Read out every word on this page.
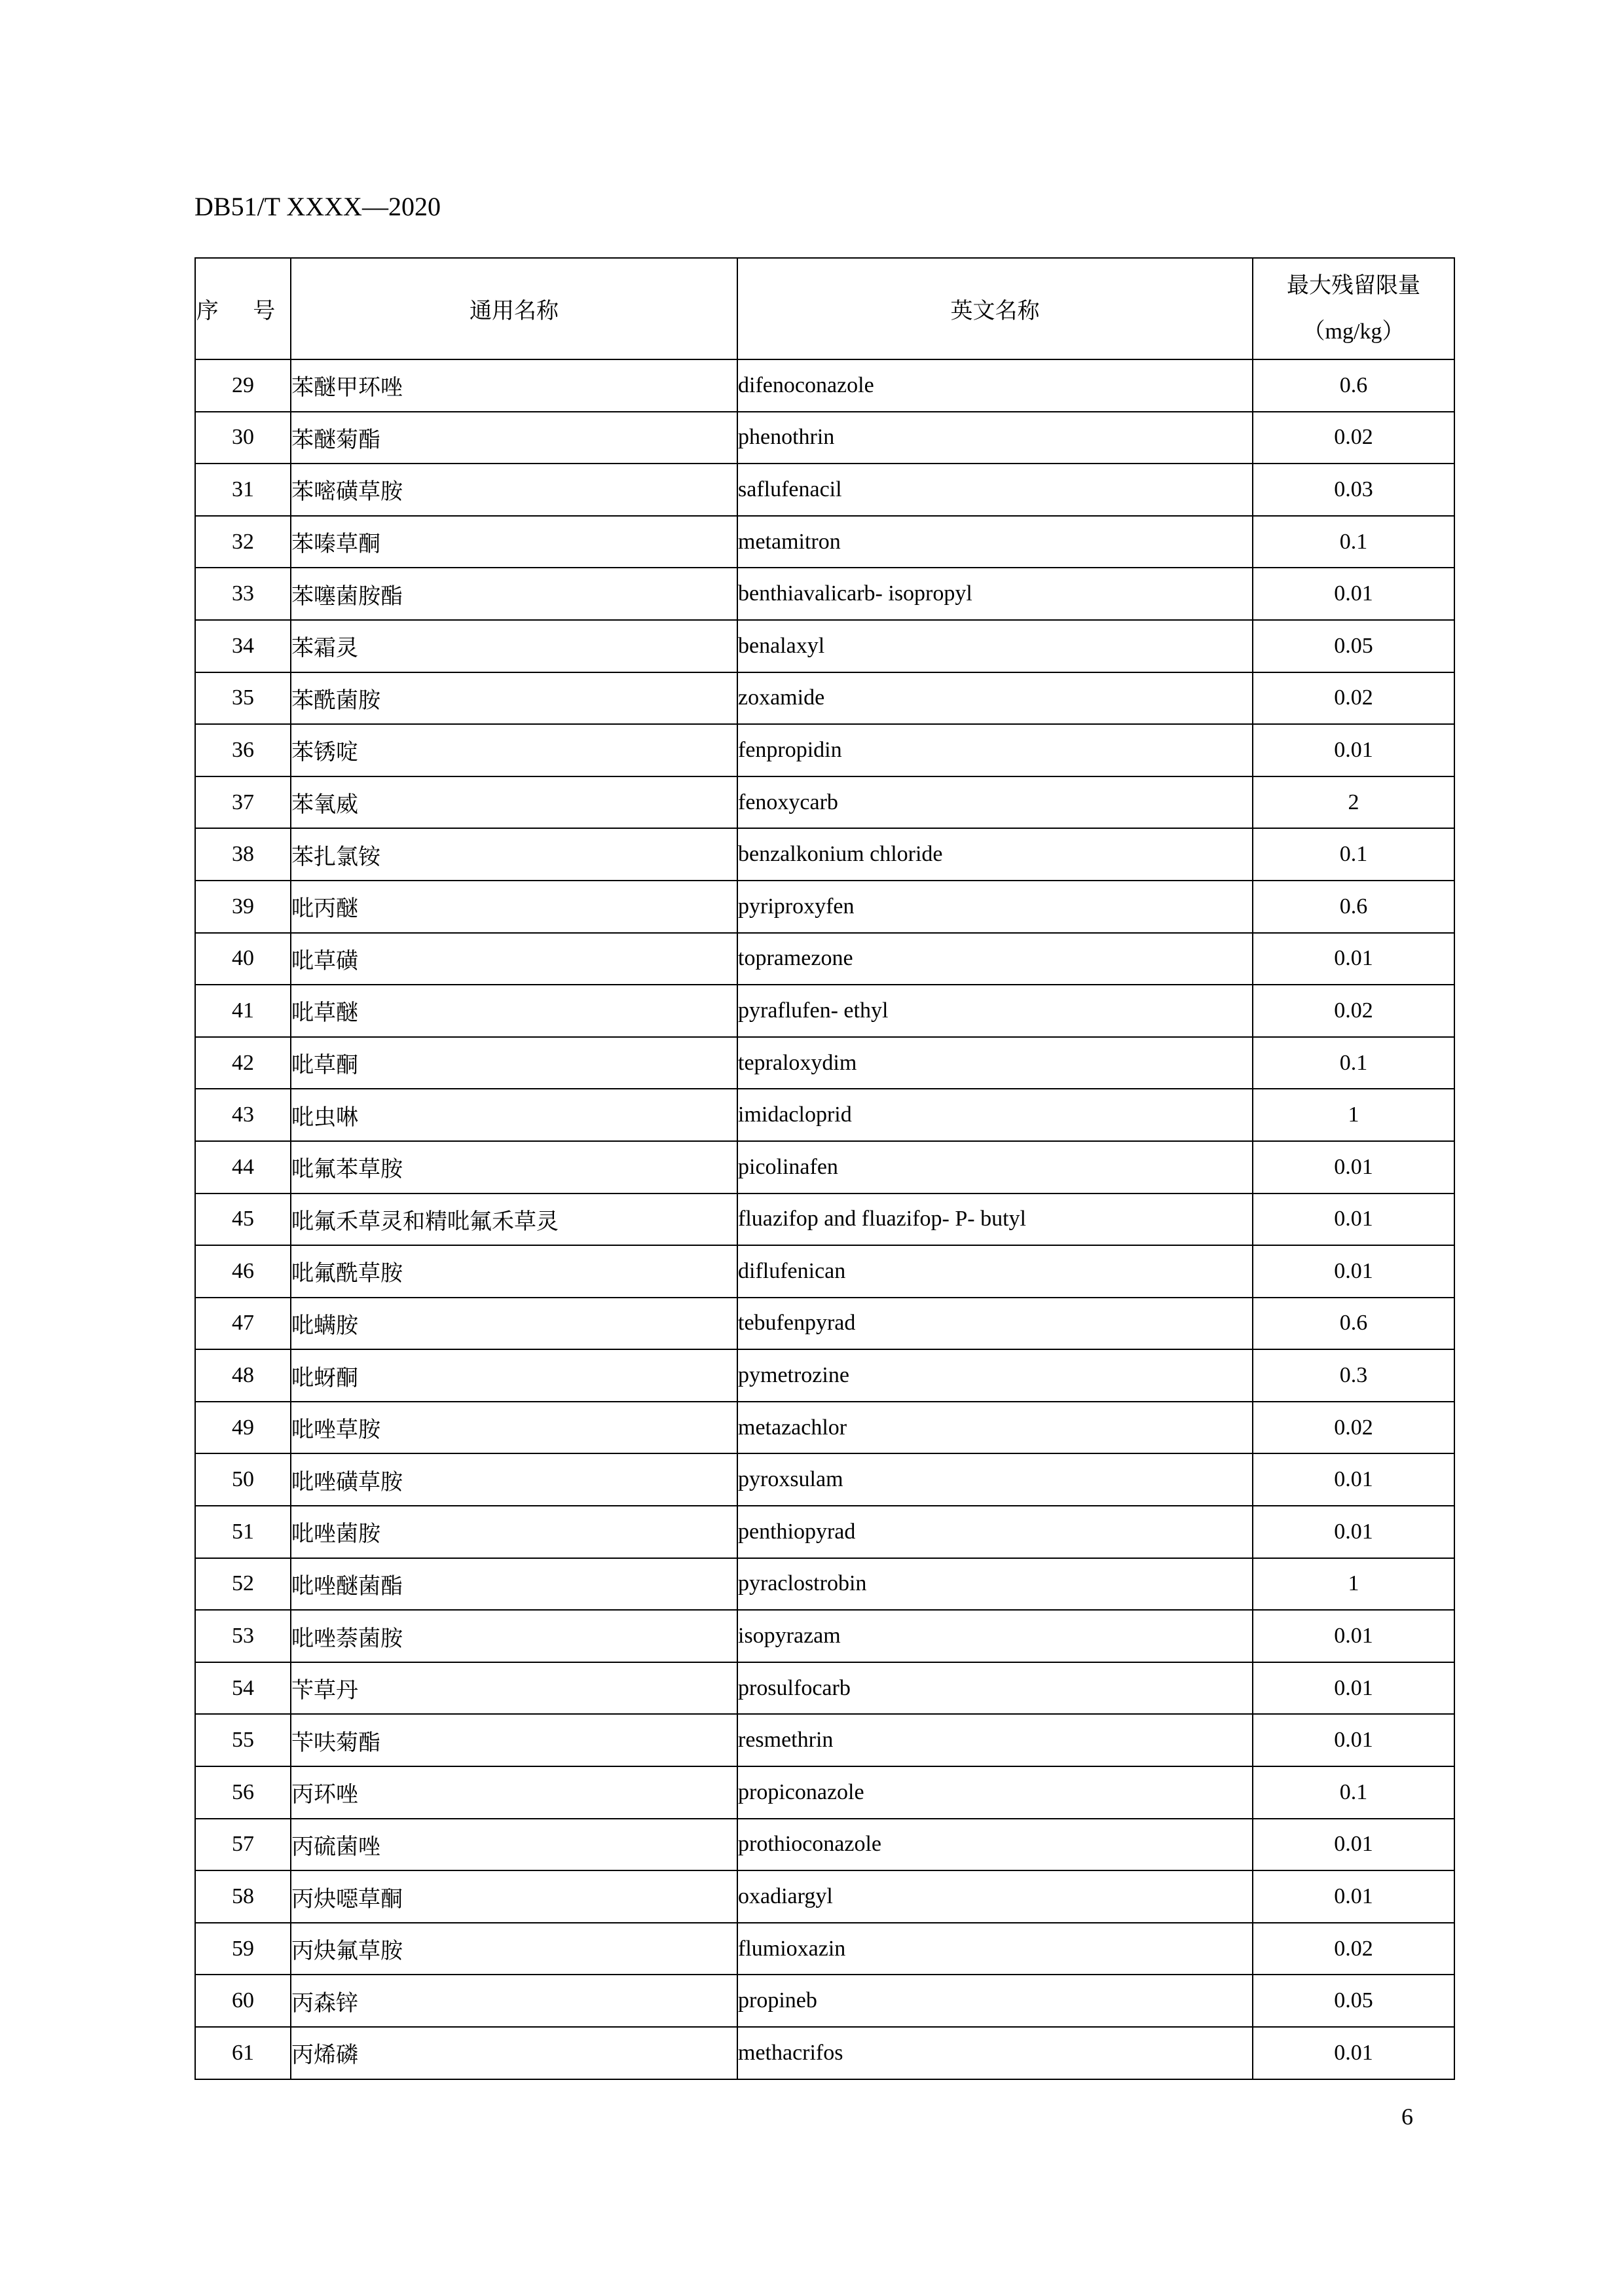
DB51/T XXXX—2020
序 号	通用名称	英文名称	最大残留限量
（mg/kg）

29	苯醚甲环唑	difenoconazole	0.6
30	苯醚菊酯	phenothrin	0.02
31	苯嘧磺草胺	saflufenacil	0.03
32	苯嗪草酮	metamitron	0.1
33	苯噻菌胺酯	benthiavalicarb- isopropyl	0.01
34	苯霜灵	benalaxyl	0.05
35	苯酰菌胺	zoxamide	0.02
36	苯锈啶	fenpropidin	0.01
37	苯氧威	fenoxycarb	2
38	苯扎氯铵	benzalkonium chloride	0.1
39	吡丙醚	pyriproxyfen	0.6
40	吡草磺	topramezone	0.01
41	吡草醚	pyraflufen- ethyl	0.02
42	吡草酮	tepraloxydim	0.1
43	吡虫啉	imidacloprid	1
44	吡氟苯草胺	picolinafen	0.01
45	吡氟禾草灵和精吡氟禾草灵	fluazifop and fluazifop- P- butyl	0.01
46	吡氟酰草胺	diflufenican	0.01
47	吡螨胺	tebufenpyrad	0.6
48	吡蚜酮	pymetrozine	0.3
49	吡唑草胺	metazachlor	0.02
50	吡唑磺草胺	pyroxsulam	0.01
51	吡唑菌胺	penthiopyrad	0.01
52	吡唑醚菌酯	pyraclostrobin	1
53	吡唑萘菌胺	isopyrazam	0.01
54	苄草丹	prosulfocarb	0.01
55	苄呋菊酯	resmethrin	0.01
56	丙环唑	propiconazole	0.1
57	丙硫菌唑	prothioconazole	0.01
58	丙炔噁草酮	oxadiargyl	0.01
59	丙炔氟草胺	flumioxazin	0.02
60	丙森锌	propineb	0.05
61	丙烯磷	methacrifos	0.01
6
